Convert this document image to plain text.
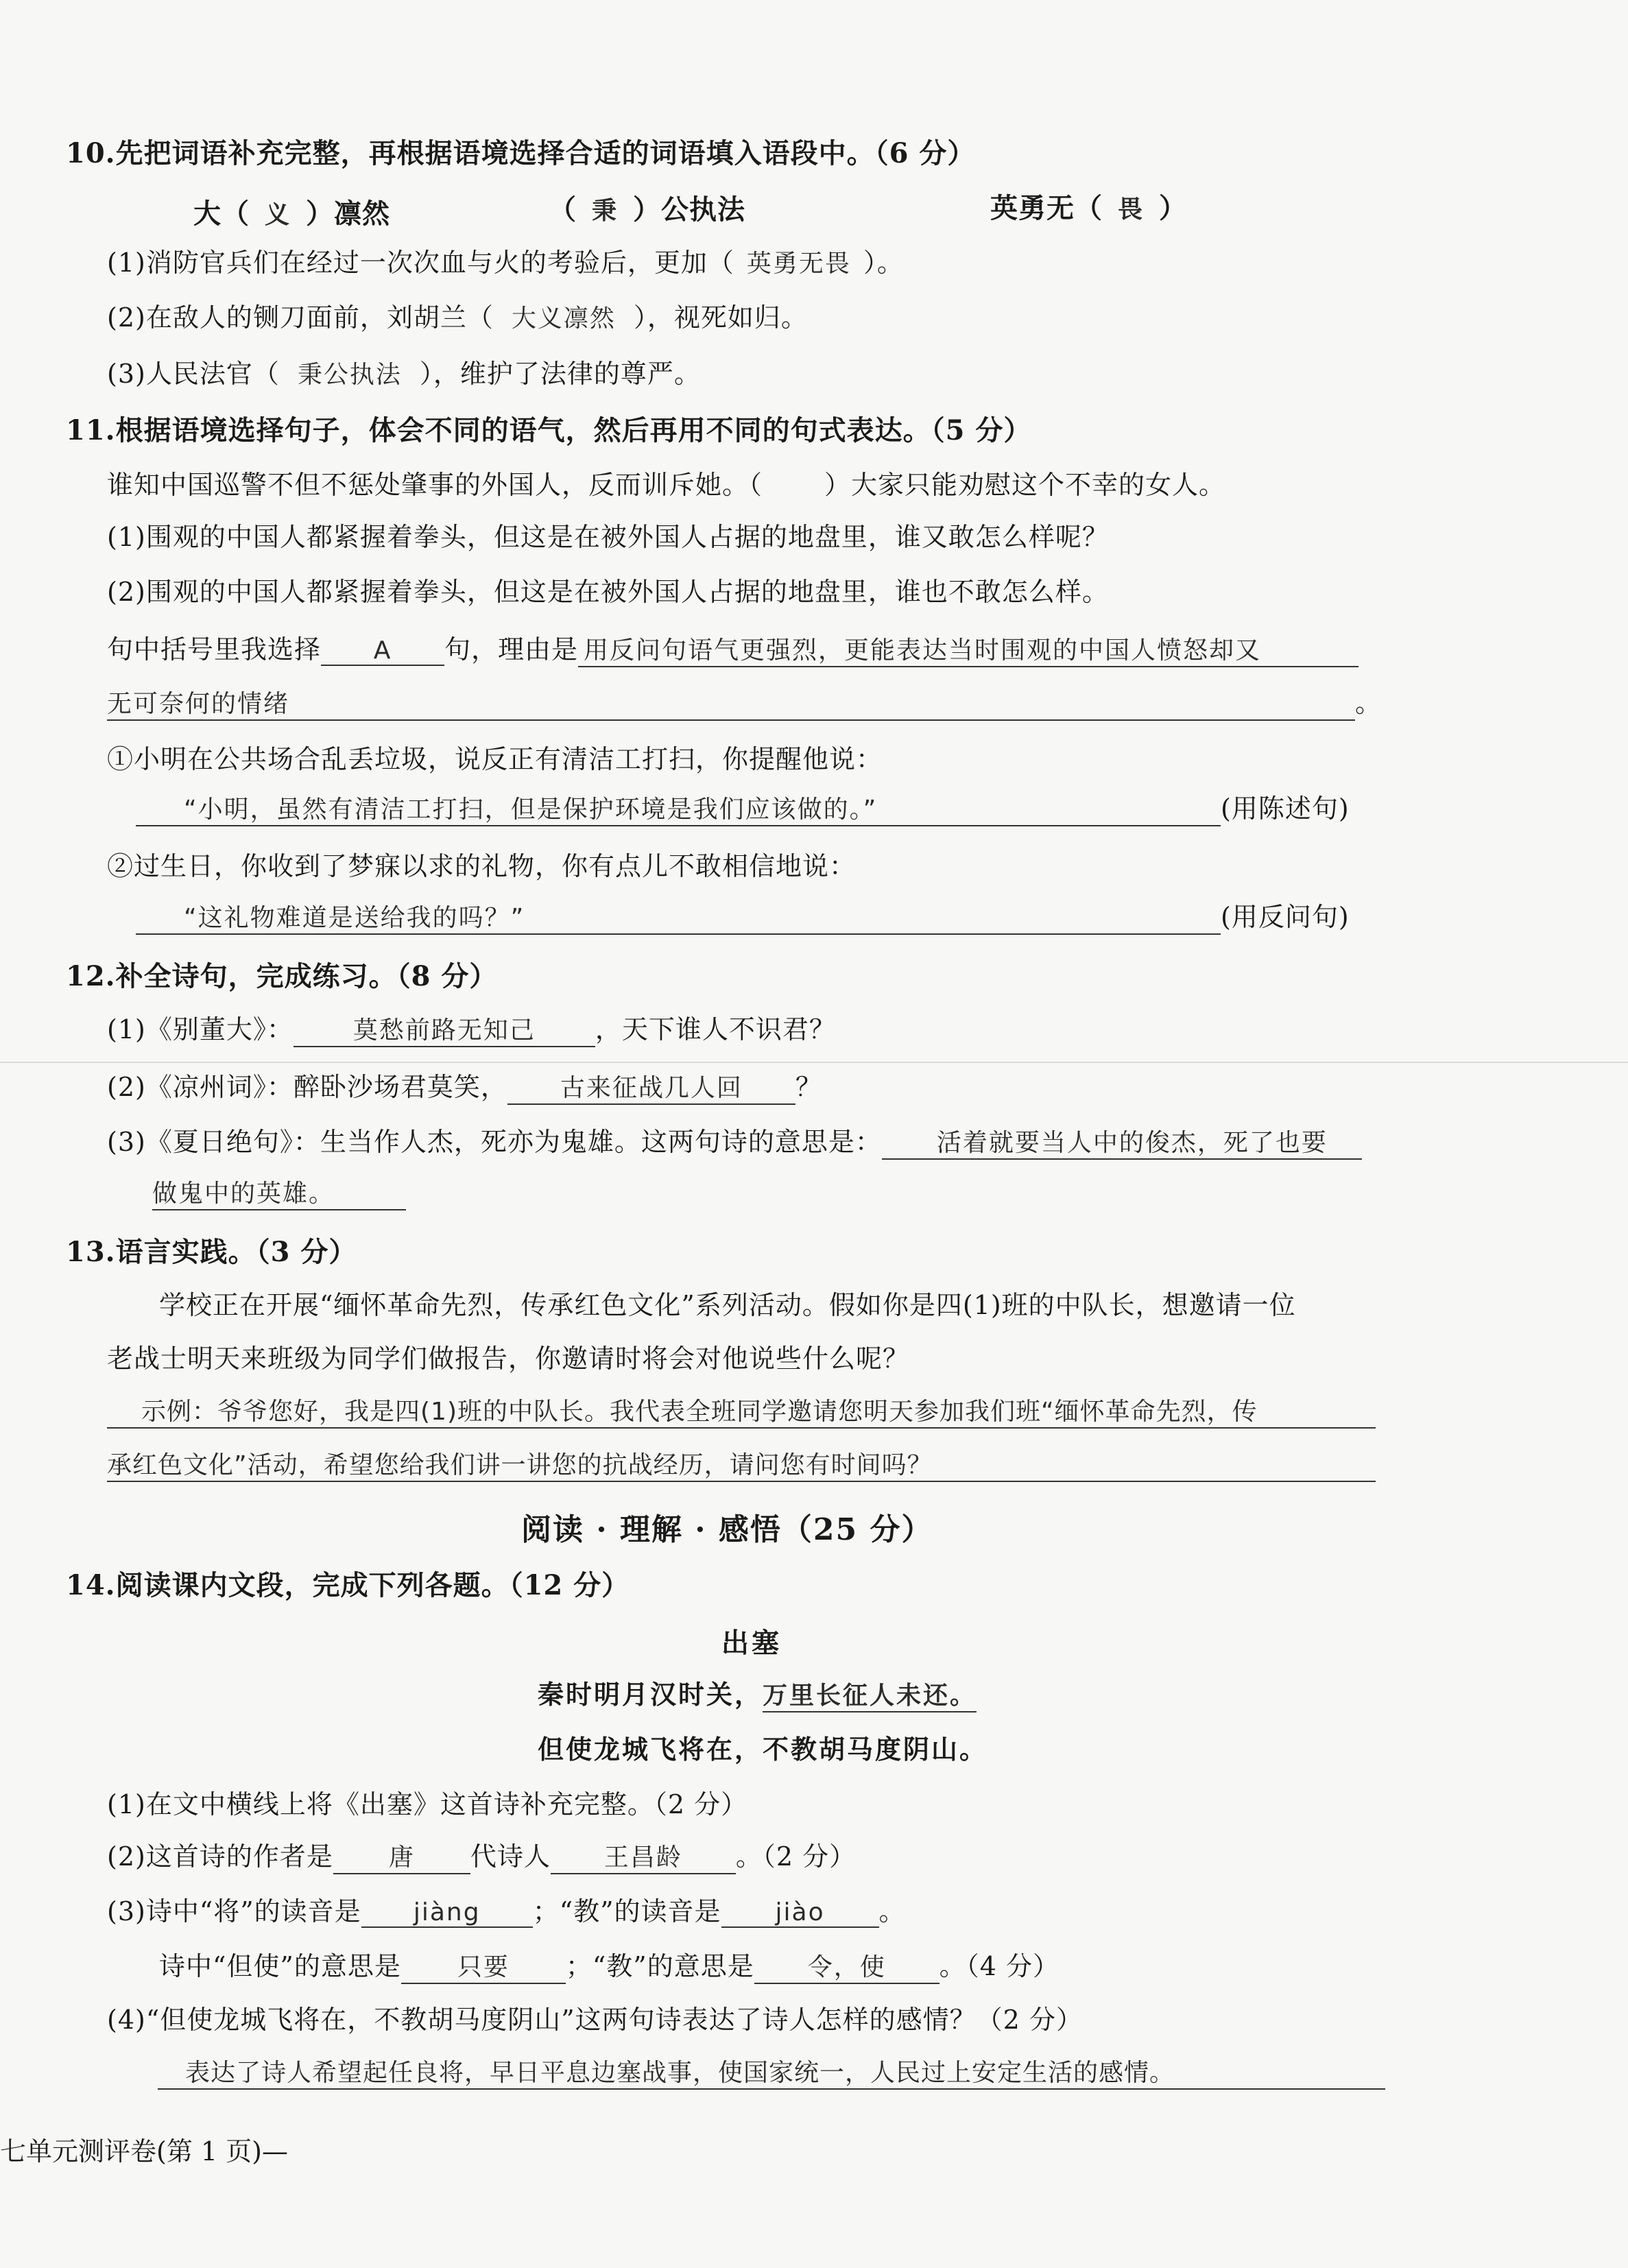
10.先把词语补充完整，再根据语境选择合适的词语填入语段中。（6 分）
大（ 义 ）凛然	（ 秉 ）公执法	英勇无（ 畏 ）
(1)消防官兵们在经过一次次血与火的考验后，更加（ 英勇无畏 ）。
(2)在敌人的铡刀面前，刘胡兰（ 大义凛然 ），视死如归。
(3)人民法官（ 秉公执法 ），维护了法律的尊严。
11.根据语境选择句子，体会不同的语气，然后再用不同的句式表达。（5 分）
谁知中国巡警不但不惩处肇事的外国人，反而训斥她。（ ）大家只能劝慰这个不幸的女人。
(1)围观的中国人都紧握着拳头，但这是在被外国人占据的地盘里，谁又敢怎么样呢？
(2)围观的中国人都紧握着拳头，但这是在被外国人占据的地盘里，谁也不敢怎么样。
句中括号里我选择 A 句，理由是 用反问句语气更强烈，更能表达当时围观的中国人愤怒却又
无可奈何的情绪	。
①小明在公共场合乱丢垃圾，说反正有清洁工打扫，你提醒他说：
“小明，虽然有清洁工打扫，但是保护环境是我们应该做的。”	(用陈述句)
②过生日，你收到了梦寐以求的礼物，你有点儿不敢相信地说：
“这礼物难道是送给我的吗？”	(用反问句)
12.补全诗句，完成练习。（8 分）
(1)《别董大》： 莫愁前路无知己 ，天下谁人不识君？
(2)《凉州词》：醉卧沙场君莫笑， 古来征战几人回 ？
(3)《夏日绝句》：生当作人杰，死亦为鬼雄。这两句诗的意思是： 活着就要当人中的俊杰，死了也要
做鬼中的英雄。
13.语言实践。（3 分）
学校正在开展“缅怀革命先烈，传承红色文化”系列活动。假如你是四(1)班的中队长，想邀请一位
老战士明天来班级为同学们做报告，你邀请时将会对他说些什么呢？
示例：爷爷您好，我是四(1)班的中队长。我代表全班同学邀请您明天参加我们班“缅怀革命先烈，传
承红色文化”活动，希望您给我们讲一讲您的抗战经历，请问您有时间吗？
阅读 · 理解 · 感悟（25 分）
14.阅读课内文段，完成下列各题。（12 分）
出塞
秦时明月汉时关，万里长征人未还。
但使龙城飞将在，不教胡马度阴山。
(1)在文中横线上将《出塞》这首诗补充完整。（2 分）
(2)这首诗的作者是 唐 代诗人 王昌龄 。（2 分）
(3)诗中“将”的读音是 jiàng ；“教”的读音是 jiào 。
诗中“但使”的意思是 只要 ；“教”的意思是 令，使 。（4 分）
(4)“但使龙城飞将在，不教胡马度阴山”这两句诗表达了诗人怎样的感情？（2 分）
表达了诗人希望起任良将，早日平息边塞战事，使国家统一，人民过上安定生活的感情。
七单元测评卷(第 1 页)—
